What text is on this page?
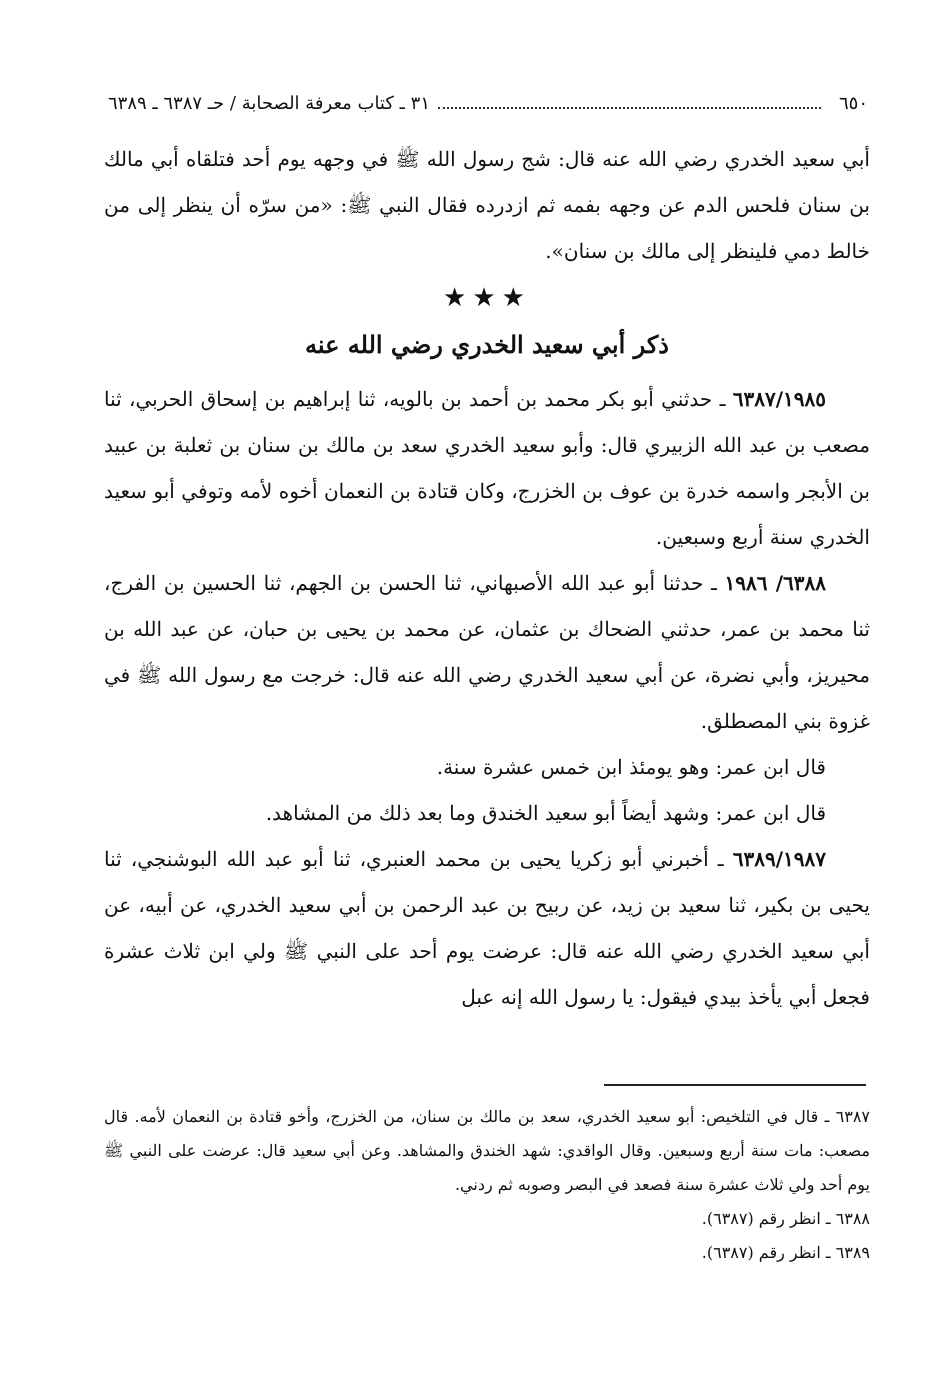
٦٥٠
٣١ ـ كتاب معرفة الصحابة / حـ ٦٣٨٧ ـ ٦٣٨٩

أبي سعيد الخدري رضي الله عنه قال: شج رسول الله ﷺ في وجهه يوم أحد فتلقاه أبي مالك بن سنان فلحس الدم عن وجهه بفمه ثم ازدرده فقال النبي ﷺ: «من سرّه أن ينظر إلى من خالط دمي فلينظر إلى مالك بن سنان».

★★★

ذكر أبي سعيد الخدري رضي الله عنه

٦٣٨٧/١٩٨٥ ـ حدثني أبو بكر محمد بن أحمد بن بالويه، ثنا إبراهيم بن إسحاق الحربي، ثنا مصعب بن عبد الله الزبيري قال: وأبو سعيد الخدري سعد بن مالك بن سنان بن ثعلبة بن عبيد بن الأبجر واسمه خدرة بن عوف بن الخزرج، وكان قتادة بن النعمان أخوه لأمه وتوفي أبو سعيد الخدري سنة أربع وسبعين.

٦٣٨٨/ ١٩٨٦ ـ حدثنا أبو عبد الله الأصبهاني، ثنا الحسن بن الجهم، ثنا الحسين بن الفرج، ثنا محمد بن عمر، حدثني الضحاك بن عثمان، عن محمد بن يحيى بن حبان، عن عبد الله بن محيريز، وأبي نضرة، عن أبي سعيد الخدري رضي الله عنه قال: خرجت مع رسول الله ﷺ في غزوة بني المصطلق.

قال ابن عمر: وهو يومئذ ابن خمس عشرة سنة.

قال ابن عمر: وشهد أيضاً أبو سعيد الخندق وما بعد ذلك من المشاهد.

٦٣٨٩/١٩٨٧ ـ أخبرني أبو زكريا يحيى بن محمد العنبري، ثنا أبو عبد الله البوشنجي، ثنا يحيى بن بكير، ثنا سعيد بن زيد، عن ربيح بن عبد الرحمن بن أبي سعيد الخدري، عن أبيه، عن أبي سعيد الخدري رضي الله عنه قال: عرضت يوم أحد على النبي ﷺ ولي ابن ثلاث عشرة فجعل أبي يأخذ بيدي فيقول: يا رسول الله إنه عبل

٦٣٨٧ ـ قال في التلخيص: أبو سعيد الخدري، سعد بن مالك بن سنان، من الخزرج، وأخو قتادة بن النعمان لأمه. قال مصعب: مات سنة أربع وسبعين. وقال الواقدي: شهد الخندق والمشاهد. وعن أبي سعيد قال: عرضت على النبي ﷺ يوم أحد ولي ثلاث عشرة سنة فصعد في البصر وصوبه ثم ردني.

٦٣٨٨ ـ انظر رقم (٦٣٨٧).

٦٣٨٩ ـ انظر رقم (٦٣٨٧).
